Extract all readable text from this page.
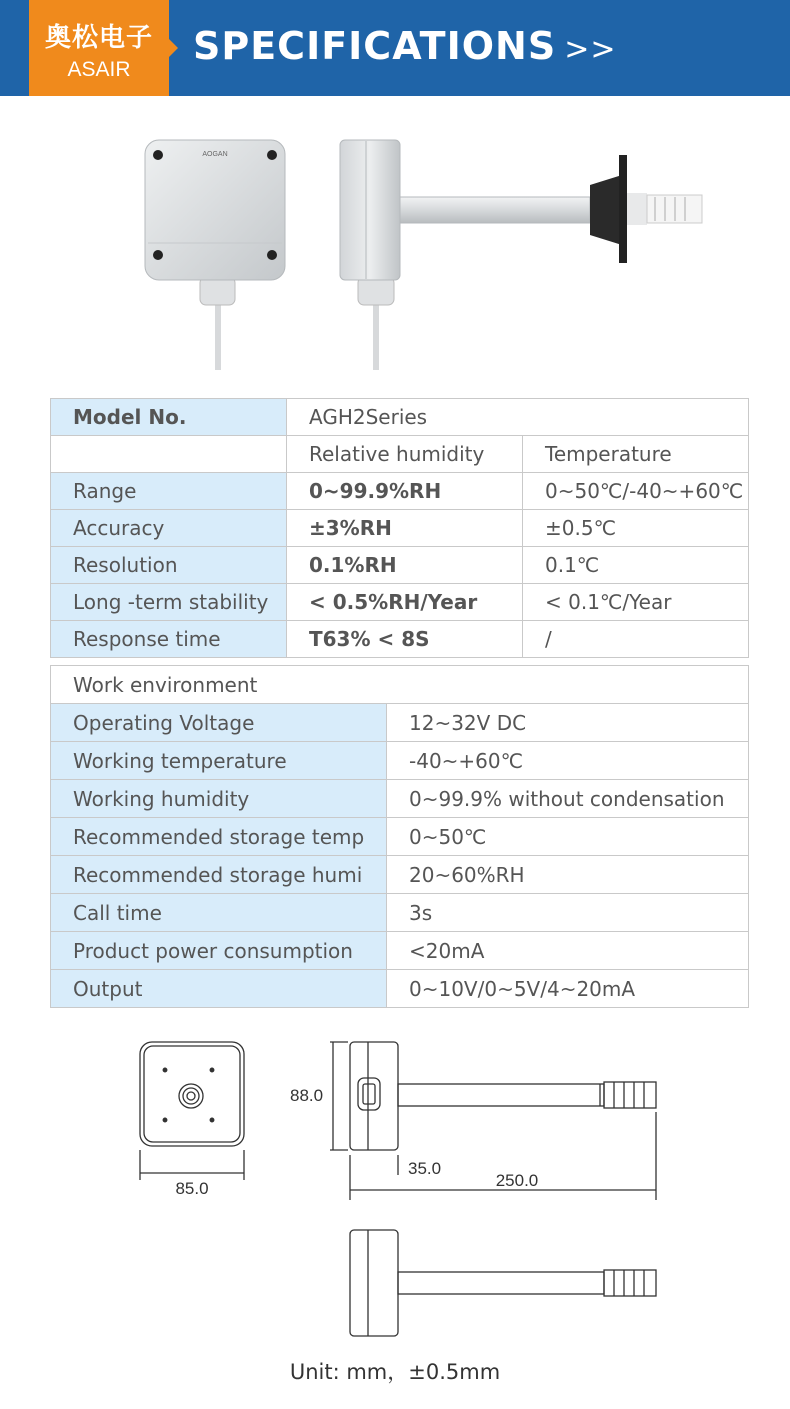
奥松电子
ASAIR
SPECIFICATIONS >>
AOGAN
Model No.	AGH2Series	
	Relative humidity	Temperature
Range	0~99.9%RH	0~50℃/-40~+60℃
Accuracy	±3%RH	±0.5℃
Resolution	0.1%RH	0.1℃
Long -term stability	< 0.5%RH/Year	< 0.1℃/Year
Response time	T63% < 8S	/
Work environment	
Operating Voltage	12~32V DC
Working temperature	-40~+60℃
Working humidity	0~99.9% without condensation
Recommended storage temp	0~50℃
Recommended storage humi	20~60%RH
Call time	3s
Product power consumption	<20mA
Output	0~10V/0~5V/4~20mA
85.0
88.0
35.0
250.0
Unit: mm，±0.5mm
